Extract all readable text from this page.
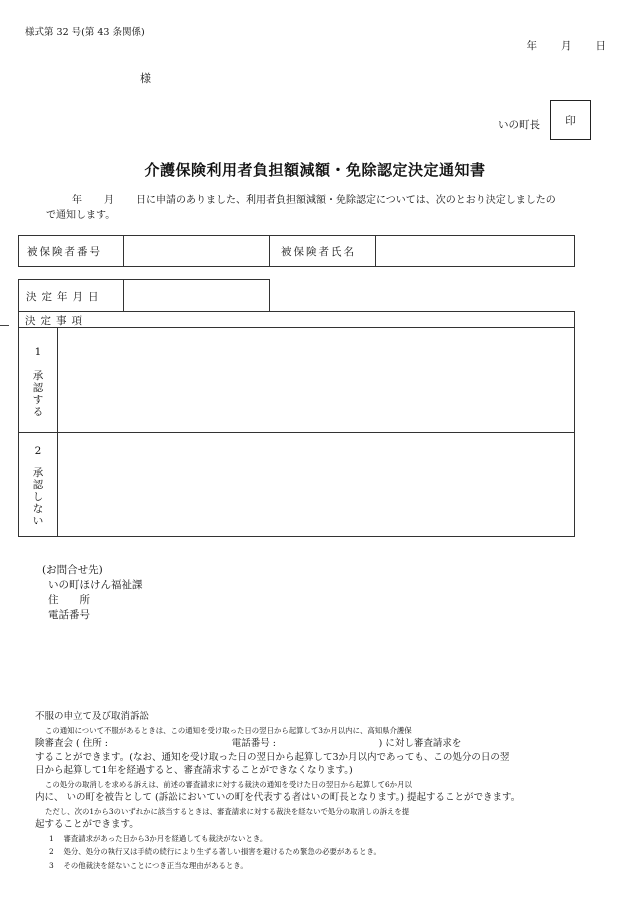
様式第 32 号(第 43 条関係)
年 月 日
様
いの町長 印
介護保険利用者負担額減額・免除認定決定通知書
年 月 日に申請のありました、利用者負担額減額・免除認定については、次のとおり決定しましたの
で通知します。
被保険者番号	被保険者氏名
決定年月日
決定事項
1
承認する
2
承認しない
(お問合せ先)
いの町ほけん福祉課
住　　所
電話番号

不服の申立て及び取消訴訟

この通知について不服があるときは、この通知を受け取った日の翌日から起算して3か月以内に、高知県介護保

険審査会 ( 住所 :                                         電話番号 :                                  ) に対し審査請求を

することができます。(なお、通知を受け取った日の翌日から起算して3か月以内であっても、この処分の日の翌

日から起算して1年を経過すると、審査請求することができなくなります。)

この処分の取消しを求める訴えは、前述の審査請求に対する裁決の通知を受けた日の翌日から起算して6か月以

内に、 いの町を被告として (訴訟においていの町を代表する者はいの町長となります。) 提起することができます。

ただし、次の1から3のいずれかに該当するときは、審査請求に対する裁決を経ないで処分の取消しの訴えを提

起することができます。

1　 審査請求があった日から3か月を経過しても裁決がないとき。

2　 処分、処分の執行又は手続の続行により生ずる著しい損害を避けるため緊急の必要があるとき。

3　 その他裁決を経ないことにつき正当な理由があるとき。
